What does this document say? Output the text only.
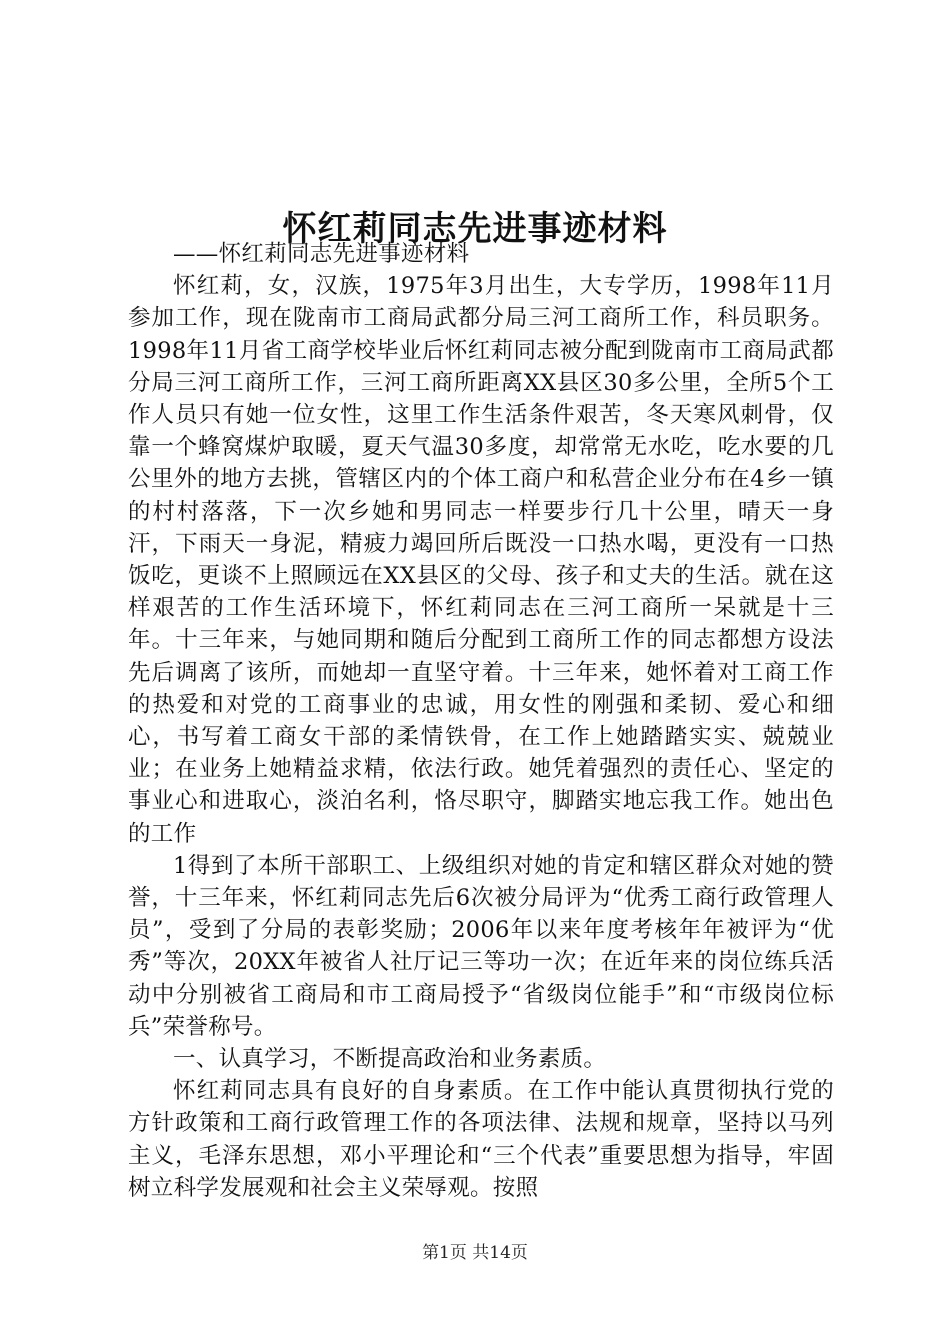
怀红莉同志先进事迹材料

——怀红莉同志先进事迹材料

怀红莉，女，汉族，1975年3月出生，大专学历，1998年11月参加工作，现在陇南市工商局武都分局三河工商所工作，科员职务。1998年11月省工商学校毕业后怀红莉同志被分配到陇南市工商局武都分局三河工商所工作，三河工商所距离XX县区30多公里，全所5个工作人员只有她一位女性，这里工作生活条件艰苦，冬天寒风刺骨，仅靠一个蜂窝煤炉取暖，夏天气温30多度，却常常无水吃，吃水要的几公里外的地方去挑，管辖区内的个体工商户和私营企业分布在4乡一镇的村村落落，下一次乡她和男同志一样要步行几十公里，晴天一身汗，下雨天一身泥，精疲力竭回所后既没一口热水喝，更没有一口热饭吃，更谈不上照顾远在XX县区的父母、孩子和丈夫的生活。就在这样艰苦的工作生活环境下，怀红莉同志在三河工商所一呆就是十三年。十三年来，与她同期和随后分配到工商所工作的同志都想方设法先后调离了该所，而她却一直坚守着。十三年来，她怀着对工商工作的热爱和对党的工商事业的忠诚，用女性的刚强和柔韧、爱心和细心，书写着工商女干部的柔情铁骨，在工作上她踏踏实实、兢兢业业；在业务上她精益求精，依法行政。她凭着强烈的责任心、坚定的事业心和进取心，淡泊名利，恪尽职守，脚踏实地忘我工作。她出色的工作

1得到了本所干部职工、上级组织对她的肯定和辖区群众对她的赞誉，十三年来，怀红莉同志先后6次被分局评为“优秀工商行政管理人员”，受到了分局的表彰奖励；2006年以来年度考核年年被评为“优秀”等次，20XX年被省人社厅记三等功一次；在近年来的岗位练兵活动中分别被省工商局和市工商局授予“省级岗位能手”和“市级岗位标兵”荣誉称号。

一、认真学习，不断提高政治和业务素质。

怀红莉同志具有良好的自身素质。在工作中能认真贯彻执行党的方针政策和工商行政管理工作的各项法律、法规和规章，坚持以马列主义，毛泽东思想，邓小平理论和“三个代表”重要思想为指导，牢固树立科学发展观和社会主义荣辱观。按照

第1页 共14页
